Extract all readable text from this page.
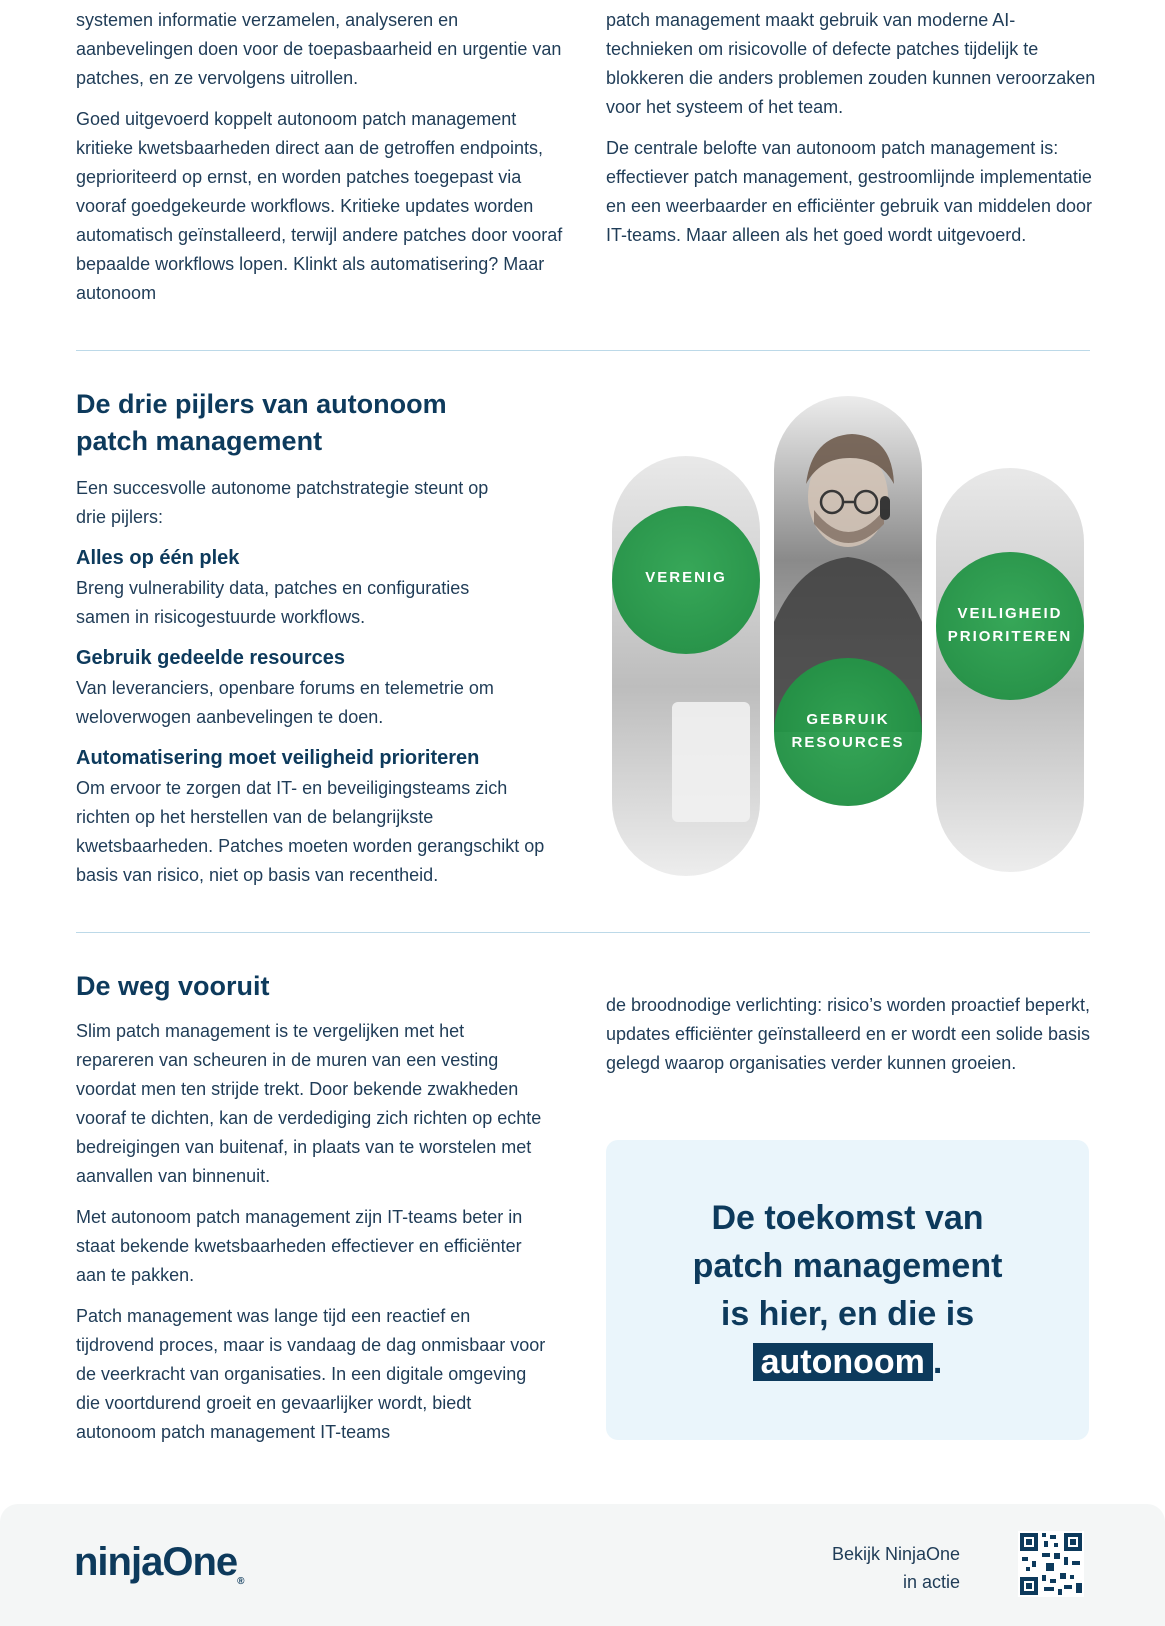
systemen informatie verzamelen, analyseren en aanbevelingen doen voor de toepasbaarheid en urgentie van patches, en ze vervolgens uitrollen.

Goed uitgevoerd koppelt autonoom patch management kritieke kwetsbaarheden direct aan de getroffen endpoints, geprioriteerd op ernst, en worden patches toegepast via vooraf goedgekeurde workflows. Kritieke updates worden automatisch geïnstalleerd, terwijl andere patches door vooraf bepaalde workflows lopen. Klinkt als automatisering? Maar autonoom

patch management maakt gebruik van moderne AI-technieken om risicovolle of defecte patches tijdelijk te blokkeren die anders problemen zouden kunnen veroorzaken voor het systeem of het team.

De centrale belofte van autonoom patch management is: effectiever patch management, gestroomlijnde implementatie en een weerbaarder en efficiënter gebruik van middelen door IT-teams. Maar alleen als het goed wordt uitgevoerd.

De drie pijlers van autonoom
patch management

Een succesvolle autonome patchstrategie steunt op drie pijlers:

Alles op één plek

Breng vulnerability data, patches en configuraties samen in risicogestuurde workflows.

Gebruik gedeelde resources

Van leveranciers, openbare forums en telemetrie om weloverwogen aanbevelingen te doen.

Automatisering moet veiligheid prioriteren

Om ervoor te zorgen dat IT- en beveiligingsteams zich richten op het herstellen van de belangrijkste kwetsbaarheden. Patches moeten worden gerangschikt op basis van risico, niet op basis van recentheid.

VERENIG
GEBRUIK
RESOURCES
VEILIGHEID
PRIORITEREN
De weg vooruit

Slim patch management is te vergelijken met het repareren van scheuren in de muren van een vesting voordat men ten strijde trekt. Door bekende zwakheden vooraf te dichten, kan de verdediging zich richten op echte bedreigingen van buitenaf, in plaats van te worstelen met aanvallen van binnenuit.

Met autonoom patch management zijn IT-teams beter in staat bekende kwetsbaarheden effectiever en efficiënter aan te pakken.

Patch management was lange tijd een reactief en tijdrovend proces, maar is vandaag de dag onmisbaar voor de veerkracht van organisaties. In een digitale omgeving die voortdurend groeit en gevaarlijker wordt, biedt autonoom patch management IT-teams

de broodnodige verlichting: risico’s worden proactief beperkt, updates efficiënter geïnstalleerd en er wordt een solide basis gelegd waarop organisaties verder kunnen groeien.

De toekomst van
patch management
is hier, en die is
autonoom .
ninjaOne$_®$
Bekijk NinjaOne
in actie
